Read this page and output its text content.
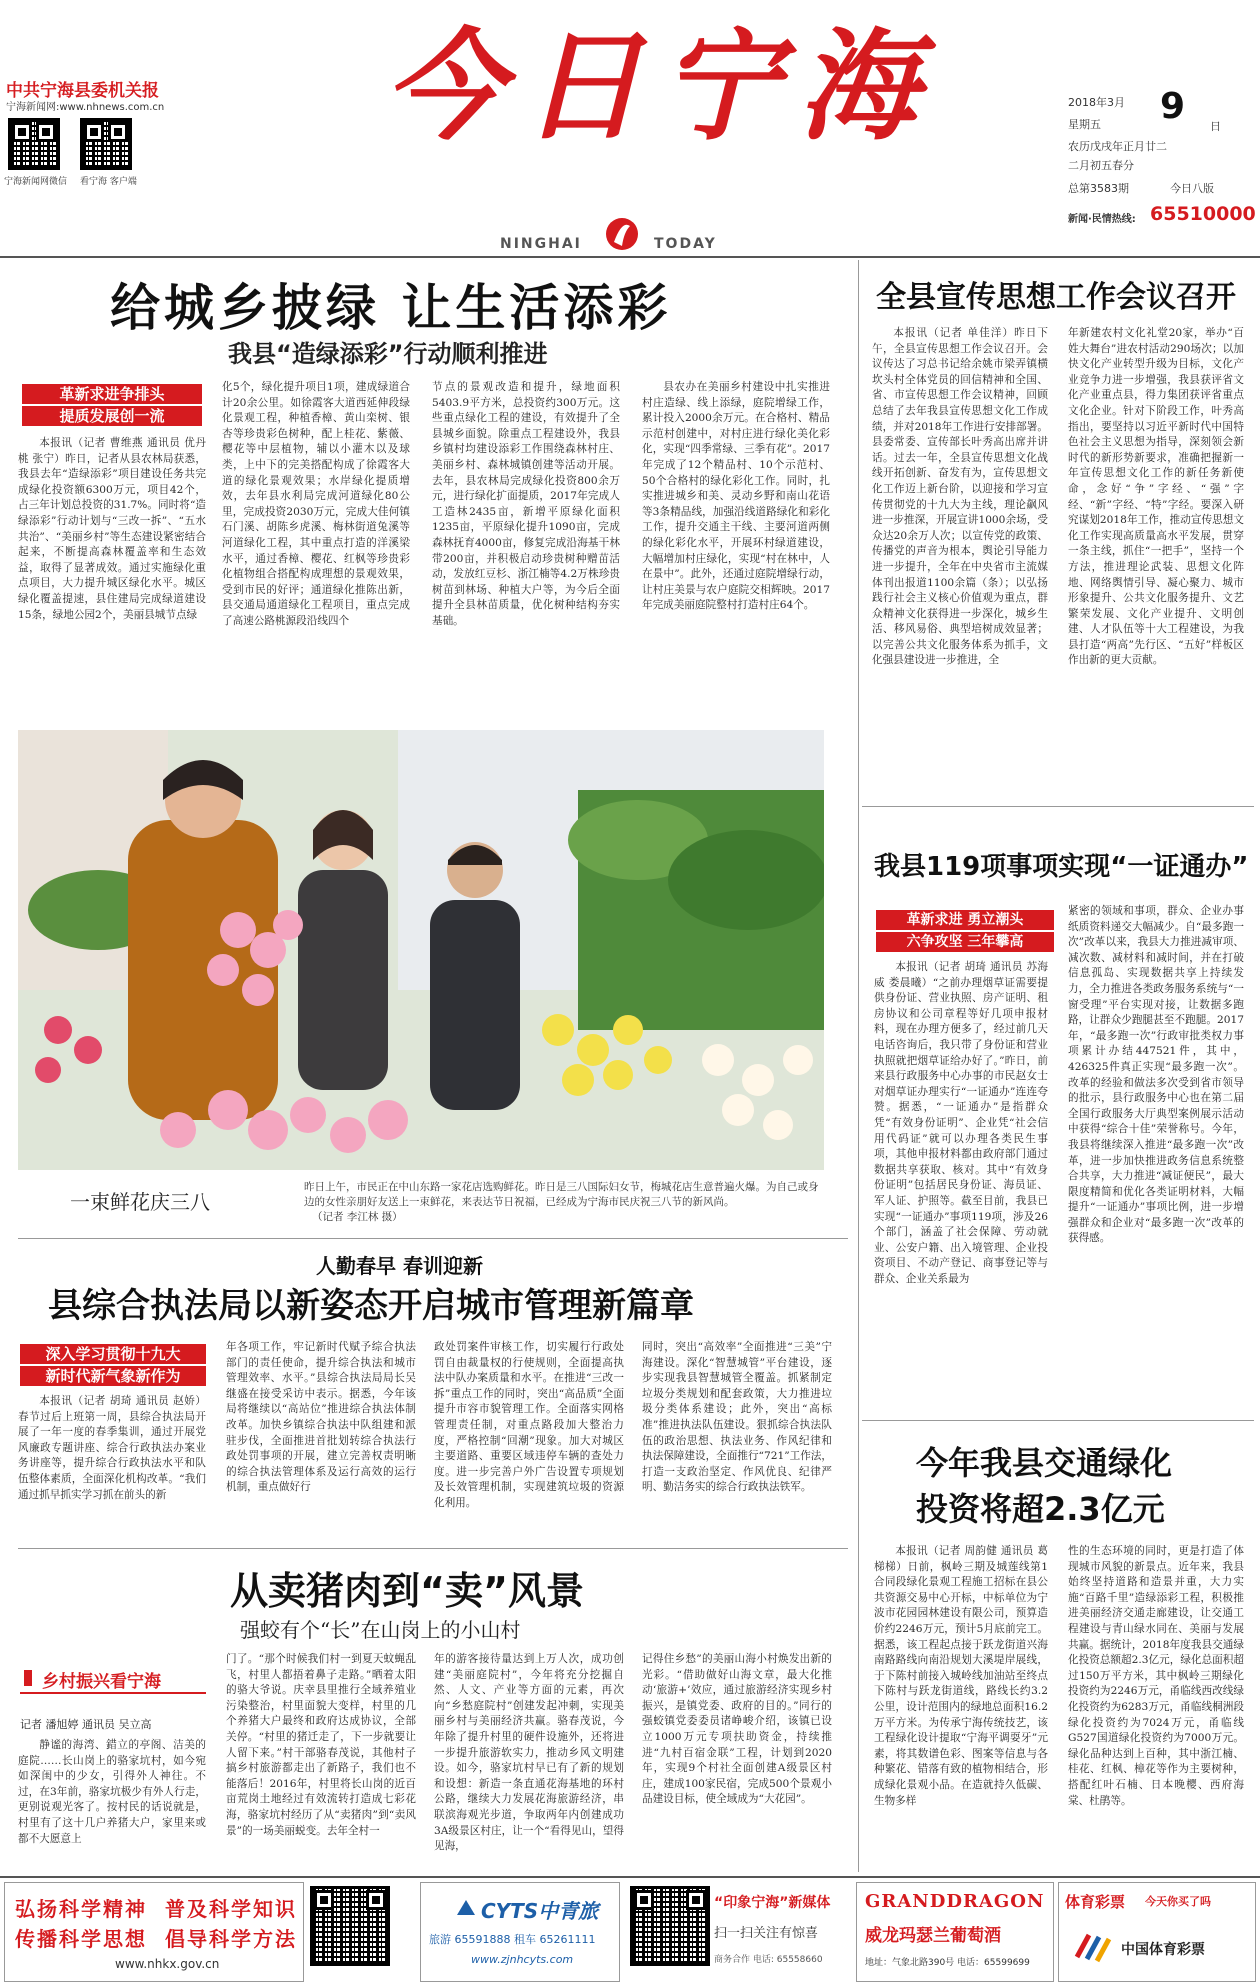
中共宁海县委机关报
宁海新闻网:www.nhnews.com.cn
宁海新闻网微信 看宁海 客户端
今日宁海
NINGHAI	TODAY
2018年3月 9 日
星期五
农历戊戌年正月廿二
二月初五春分
总第3583期	今日八版
新闻·民情热线: 65510000
给城乡披绿 让生活添彩
我县“造绿添彩”行动顺利推进
革新求进争排头
提质发展创一流

本报讯（记者 曹维燕 通讯员 优丹桃 张宁）昨日，记者从县农林局获悉，我县去年“造绿添彩”项目建设任务共完成绿化投资额6300万元，项目42个，占三年计划总投资的31.7%。同时将“造绿添彩”行动计划与“三改一拆”、“五水共治”、“美丽乡村”等生态建设紧密结合起来，不断提高森林覆盖率和生态效益，取得了显著成效。通过实施绿化重点项目，大力提升城区绿化水平。城区绿化覆盖提速，县住建局完成绿道建设15条，绿地公园2个，美丽县城节点绿

化5个，绿化提升项目1项，建成绿道合计20余公里。如徐霞客大道西延伸段绿化景观工程，种植香樟、黄山栾树、银杏等珍贵彩色树种，配上桂花、紫薇、樱花等中层植物，辅以小灌木以及球类，上中下的完美搭配构成了徐霞客大道的绿化景观效果；水岸绿化提质增效，去年县水利局完成河道绿化80公里，完成投资2030万元，完成大佳何镇石门溪、胡陈乡虎溪、梅林街道兔溪等河道绿化工程，其中重点打造的洋溪梁水平，通过香樟、樱花、红枫等珍贵彩化植物组合搭配构成理想的景观效果，受到市民的好评；通道绿化推陈出新，县交通局通道绿化工程项目，重点完成了高速公路桃源段沿线四个

节点的景观改造和提升，绿地面积5403.9平方米，总投资约300万元。这些重点绿化工程的建设，有效提升了全县城乡面貌。除重点工程建设外，我县乡镇村均建设添彩工作围绕森林村庄、美丽乡村、森林城镇创建等活动开展。去年，县农林局完成绿化投资800余万元，进行绿化扩面提质，2017年完成人工造林2435亩，新增平原绿化面积1235亩，平原绿化提升1090亩，完成森林抚育4000亩，修复完成沿海基干林带200亩，并积极启动珍贵树种赠苗活动，发放红豆杉、浙江楠等4.2万株珍贵树苗到林场、种植大户等，为今后全面提升全县林苗质量，优化树种结构夯实基础。

县农办在美丽乡村建设中扎实推进村庄造绿、线上添绿，庭院增绿工作，累计投入2000余万元。在合格村、精品示范村创建中，对村庄进行绿化美化彩化，实现“四季常绿、三季有花”。2017年完成了12个精品村、10个示范村、50个合格村的绿化彩化工作。同时，扎实推进城乡和美、灵动乡野和南山花语等3条精品线，加强沿线道路绿化和彩化工作，提升交通主干线、主要河道两侧的绿化彩化水平，开展环村绿道建设，大幅增加村庄绿化，实现“村在林中，人在景中”。此外，还通过庭院增绿行动，让村庄美景与农户庭院交相辉映。2017年完成美丽庭院整村打造村庄64个。

全县宣传思想工作会议召开

本报讯（记者 单佳洋）昨日下午，全县宣传思想工作会议召开。会议传达了习总书记给余姚市梁弄镇横坎头村全体党员的回信精神和全国、省、市宣传思想工作会议精神，回顾总结了去年我县宣传思想文化工作成绩，并对2018年工作进行安排部署。县委常委、宣传部长叶秀高出席并讲话。过去一年，全县宣传思想文化战线开拓创新、奋发有为，宣传思想文化工作迈上新台阶，以迎接和学习宣传贯彻党的十九大为主线，理论飙风进一步推深，开展宣讲1000余场，受众达20余万人次；以宣传党的政策、传播党的声音为根本，舆论引导能力进一步提升，全年在中央省市主流媒体刊出报道1100余篇（条）；以弘扬践行社会主义核心价值观为重点，群众精神文化获得进一步深化，城乡生活、移风易俗、典型培树成效显著；以完善公共文化服务体系为抓手，文化强县建设进一步推进，全

年新建农村文化礼堂20家，举办“百姓大舞台”进农村活动290场次；以加快文化产业转型升级为目标，文化产业竞争力进一步增强，我县获评省文化产业重点县，得力集团获评省重点文化企业。针对下阶段工作，叶秀高指出，要坚持以习近平新时代中国特色社会主义思想为指导，深刻领会新时代的新形势新要求，准确把握新一年宣传思想文化工作的新任务新使命，念好“争”字经、“强”字经、“新”字经、“特”字经。要深入研究谋划2018年工作，推动宣传思想文化工作实现高质量高水平发展，贯穿一条主线，抓住“一把手”，坚持一个方法，推进理论武装、思想文化阵地、网络舆情引导、凝心聚力、城市形象提升、公共文化服务提升、文艺繁荣发展、文化产业提升、文明创建、人才队伍等十大工程建设，为我县打造“两高”先行区、“五好”样板区作出新的更大贡献。

一束鲜花庆三八
昨日上午，市民正在中山东路一家花店选购鲜花。昨日是三八国际妇女节，梅城花店生意普遍火爆。为自己或身边的女性亲朋好友送上一束鲜花，来表达节日祝福，已经成为宁海市民庆祝三八节的新风尚。（记者 李江林 摄）
我县119项事项实现“一证通办”
革新求进 勇立潮头
六争攻坚 三年攀高

本报讯（记者 胡琦 通讯员 苏海威 娄晨曦）“之前办理烟草证需要提供身份证、营业执照、房产证明、租房协议和公司章程等好几项申报材料，现在办理方便多了，经过前几天电话咨询后，我只带了身份证和营业执照就把烟草证给办好了。”昨日，前来县行政服务中心办事的市民赵女士对烟草证办理实行“一证通办”连连夸赞。据悉，“一证通办”是指群众凭“有效身份证明”、企业凭“社会信用代码证”就可以办理各类民生事项，其他申报材料都由政府部门通过数据共享获取、核对。其中“有效身份证明”包括居民身份证、海员证、军人证、护照等。截至目前，我县已实现“一证通办”事项119项，涉及26个部门，涵盖了社会保障、劳动就业、公安户籍、出入境管理、企业投资项目、不动产登记、商事登记等与群众、企业关系最为

紧密的领域和事项，群众、企业办事纸质资料递交大幅减少。自“最多跑一次”改革以来，我县大力推进减审项、减次数、减材料和减时间，并在打破信息孤岛、实现数据共享上持续发力，全力推进各类政务服务系统与“一窗受理”平台实现对接，让数据多跑路，让群众少跑腿甚至不跑腿。2017年，“最多跑一次”行政审批类权力事项累计办结447521件，其中，426325件真正实现“最多跑一次”。改革的经验和做法多次受到省市领导的批示，县行政服务中心也在第二届全国行政服务大厅典型案例展示活动中获得“综合十佳”荣誉称号。今年，我县将继续深入推进“最多跑一次”改革，进一步加快推进政务信息系统整合共享，大力推进“减证便民”，最大限度精简和优化各类证明材料，大幅提升“一证通办”事项比例，进一步增强群众和企业对“最多跑一次”改革的获得感。

人勤春早 春训迎新
县综合执法局以新姿态开启城市管理新篇章
深入学习贯彻十九大
新时代新气象新作为

本报讯（记者 胡琦 通讯员 赵娇）春节过后上班第一周，县综合执法局开展了一年一度的春季集训，通过开展党风廉政专题讲座、综合行政执法办案业务讲座等，提升综合行政执法水平和队伍整体素质，全面深化机构改革。“我们通过抓早抓实学习抓在前头的新

年各项工作，牢记新时代赋予综合执法部门的责任使命，提升综合执法和城市管理效率、水平。”县综合执法局局长吴继盛在接受采访中表示。据悉，今年该局将继续以“高站位”推进综合执法体制改革。加快乡镇综合执法中队组建和派驻步伐，全面推进首批划转综合执法行政处罚事项的开展，建立完善权责明晰的综合执法管理体系及运行高效的运行机制，重点做好行

政处罚案件审核工作，切实履行行政处罚自由裁量权的行使规则，全面提高执法中队办案质量和水平。在推进“三改一拆”重点工作的同时，突出“高品质”全面提升市容市貌管理工作。全面落实网格管理责任制，对重点路段加大整治力度，严格控制“回潮”现象。加大对城区主要道路、重要区域违停车辆的查处力度。进一步完善户外广告设置专项规划及长效管理机制，实现建筑垃圾的资源化利用。

同时，突出“高效率”全面推进“三美”宁海建设。深化“智慧城管”平台建设，逐步实现我县智慧城管全覆盖。抓紧制定垃圾分类规划和配套政策，大力推进垃圾分类体系建设；此外，突出“高标准”推进执法队伍建设。狠抓综合执法队伍的政治思想、执法业务、作风纪律和执法保障建设，全面推行“721”工作法，打造一支政治坚定、作风优良、纪律严明、勤洁务实的综合行政执法铁军。

从卖猪肉到“卖”风景
强蛟有个“长”在山岗上的小山村
乡村振兴看宁海
记者 潘旭婷 通讯员 吴立高

静谧的海湾、錯立的亭阁、洁美的庭院……长山岗上的骆家坑村，如今宛如深闺中的少女，引得外人神往。不过，在3年前，骆家坑极少有外人行走，更别说观光客了。按村民的话说就是，村里有了这十几户养猪大户，家里来或都不大愿意上

门了。“那个时候我们村一到夏天蚊蝇乱飞，村里人都捂着鼻子走路。”晒着太阳的骆大爷说。庆幸县里推行全域养殖业污染整治，村里面貌大变样，村里的几个养猪大户最终和政府达成协议，全部关停。“村里的猪迁走了，下一步就要让人留下来。”村干部骆春茂说，其他村子搞乡村旅游都走出了新路子，我们也不能落后！2016年，村里将长山岗的近百亩荒岗土地经过有效流转打造成七彩花海，骆家坑村经历了从“卖猪肉”到“卖风景”的一场美丽蜕变。去年全村一

年的游客接待量达到上万人次，成功创建“美丽庭院村”，今年将充分挖掘自然、人文、产业等方面的元素，再次向“乡愁庭院村”创建发起冲刺，实现美丽乡村与美丽经济共赢。骆春茂说，今年除了提升村里的硬件设施外，还将进一步提升旅游软实力，推动乡风文明建设。如今，骆家坑村早已有了新的规划和设想：新造一条直通花海基地的环村公路，继续大力发展花海旅游经济，串联滨海观光步道，争取两年内创建成功3A级景区村庄，让一个“看得见山，望得见海，

记得住乡愁”的美丽山海小村焕发出新的光彩。“借助做好山海文章，最大化推动‘旅游+’效应，通过旅游经济实现乡村振兴，是镇党委、政府的目的。”同行的强蛟镇党委委员诸峥峻介绍，该镇已设立1000万元专项扶助资金，持续推进“九村百宿金联”工程，计划到2020年，实现9个村社全面创建A级景区村庄，建成100家民宿，完成500个景观小品建设目标，使全域成为“大花园”。

今年我县交通绿化
投资将超2.3亿元

本报讯（记者 周韵健 通讯员 葛梯梯）日前，枫岭三期及城莲线第1合同段绿化景观工程施工招标在县公共资源交易中心开标，中标单位为宁波市花园园林建设有限公司，预算造价约2246万元，预计5月底前完工。据悉，该工程起点接于跃龙街道兴海南路路线向南沿规划大溪堤岸展线，于下陈村前接入城岭线加油站至终点下陈村与跃龙街道线，路线长约3.2公里，设计范围内的绿地总面积16.2万平方米。为传承宁海传统技艺，该工程绿化设计提取“宁海平调耍牙”元素，将其数谱色彩、图案等信息与各种繁花、错落有致的植物相结合，形成绿化景观小品。在造就持久低碳、生物多样

性的生态环境的同时，更是打造了体现城市风貌的新景点。近年来，我县始终坚持道路和造景并重，大力实施“百路千里”造绿添彩工程，积极推进美丽经济交通走廊建设，让交通工程建设与青山绿水同在、美丽与发展共赢。据统计，2018年度我县交通绿化投资总额超2.3亿元，绿化总面积超过150万平方米，其中枫岭三期绿化投资约为2246万元，甬临线西改线绿化投资约为6283万元，甬临线桐洲段绿化投资约为7024万元，甬临线G527国道绿化投资约为7000万元。绿化品种达到上百种，其中浙江楠、桂花、红枫、樟花等作为主要树种，搭配红叶石楠、日本晚樱、西府海棠、杜鹃等。

弘扬科学精神 普及科学知识
传播科学思想 倡导科学方法
www.nhkx.gov.cn
CYTS中青旅
旅游 65591888 租车 65261111
www.zjnhcyts.com
“印象宁海”新媒体
扫一扫关注有惊喜
商务合作 电话: 65558660
GRANDDRAGON
威龙玛瑟兰葡萄酒
地址：气象北路390号 电话：65599699
体育彩票 今天你买了吗
中国体育彩票
